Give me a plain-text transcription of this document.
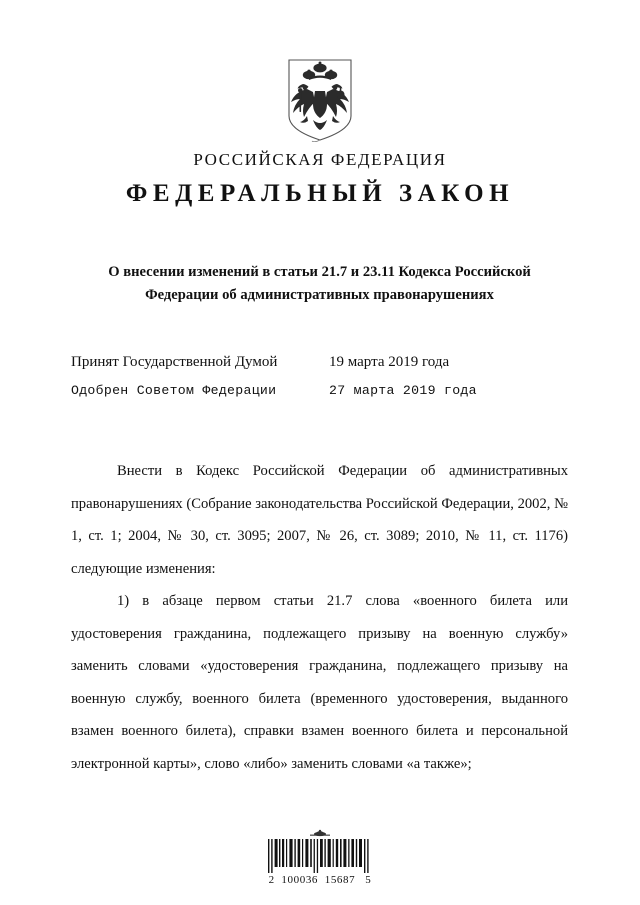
РОССИЙСКАЯ ФЕДЕРАЦИЯ
ФЕДЕРАЛЬНЫЙ ЗАКОН
О внесении изменений в статьи 21.7 и 23.11 Кодекса Российской Федерации об административных правонарушениях
Принят Государственной Думой	19 марта 2019 года
Одобрен Советом Федерации	27 марта 2019 года

Внести в Кодекс Российской Федерации об административных правонарушениях (Собрание законодательства Российской Федерации, 2002, № 1, ст. 1; 2004, № 30, ст. 3095; 2007, № 26, ст. 3089; 2010, № 11, ст. 1176) следующие изменения:

1) в абзаце первом статьи 21.7 слова «военного билета или удостоверения гражданина, подлежащего призыву на военную службу» заменить словами «удостоверения гражданина, подлежащего призыву на военную службу, военного билета (временного удостоверения, выданного взамен военного билета), справки взамен военного билета и персональной электронной карты», слово «либо» заменить словами «а также»;

2  100036  15687   5
